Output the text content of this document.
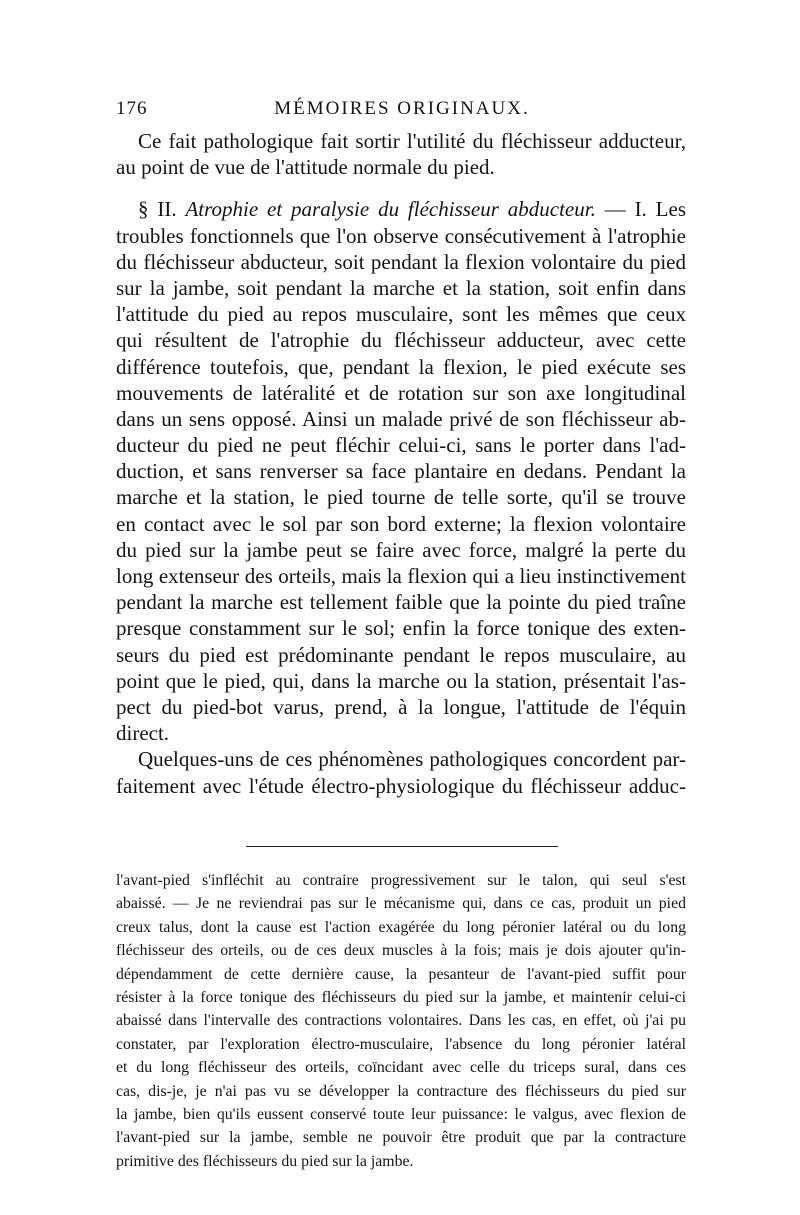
176	MÉMOIRES ORIGINAUX.
Ce fait pathologique fait sortir l'utilité du fléchisseur adducteur,
au point de vue de l'attitude normale du pied.
§ II. Atrophie et paralysie du fléchisseur abducteur. — I. Les
troubles fonctionnels que l'on observe consécutivement à l'atrophie
du fléchisseur abducteur, soit pendant la flexion volontaire du pied
sur la jambe, soit pendant la marche et la station, soit enfin dans
l'attitude du pied au repos musculaire, sont les mêmes que ceux
qui résultent de l'atrophie du fléchisseur adducteur, avec cette
différence toutefois, que, pendant la flexion, le pied exécute ses
mouvements de latéralité et de rotation sur son axe longitudinal
dans un sens opposé. Ainsi un malade privé de son fléchisseur ab-
ducteur du pied ne peut fléchir celui-ci, sans le porter dans l'ad-
duction, et sans renverser sa face plantaire en dedans. Pendant la
marche et la station, le pied tourne de telle sorte, qu'il se trouve
en contact avec le sol par son bord externe; la flexion volontaire
du pied sur la jambe peut se faire avec force, malgré la perte du
long extenseur des orteils, mais la flexion qui a lieu instinctivement
pendant la marche est tellement faible que la pointe du pied traîne
presque constamment sur le sol; enfin la force tonique des exten-
seurs du pied est prédominante pendant le repos musculaire, au
point que le pied, qui, dans la marche ou la station, présentait l'as-
pect du pied-bot varus, prend, à la longue, l'attitude de l'équin
direct.
Quelques-uns de ces phénomènes pathologiques concordent par-
faitement avec l'étude électro-physiologique du fléchisseur adduc-
l'avant-pied s'infléchit au contraire progressivement sur le talon, qui seul s'est
abaissé. — Je ne reviendrai pas sur le mécanisme qui, dans ce cas, produit un pied
creux talus, dont la cause est l'action exagérée du long péronier latéral ou du long
fléchisseur des orteils, ou de ces deux muscles à la fois; mais je dois ajouter qu'in-
dépendamment de cette dernière cause, la pesanteur de l'avant-pied suffit pour
résister à la force tonique des fléchisseurs du pied sur la jambe, et maintenir celui-ci
abaissé dans l'intervalle des contractions volontaires. Dans les cas, en effet, où j'ai pu
constater, par l'exploration électro-musculaire, l'absence du long péronier latéral
et du long fléchisseur des orteils, coïncidant avec celle du triceps sural, dans ces
cas, dis-je, je n'ai pas vu se développer la contracture des fléchisseurs du pied sur
la jambe, bien qu'ils eussent conservé toute leur puissance: le valgus, avec flexion de
l'avant-pied sur la jambe, semble ne pouvoir être produit que par la contracture
primitive des fléchisseurs du pied sur la jambe.
